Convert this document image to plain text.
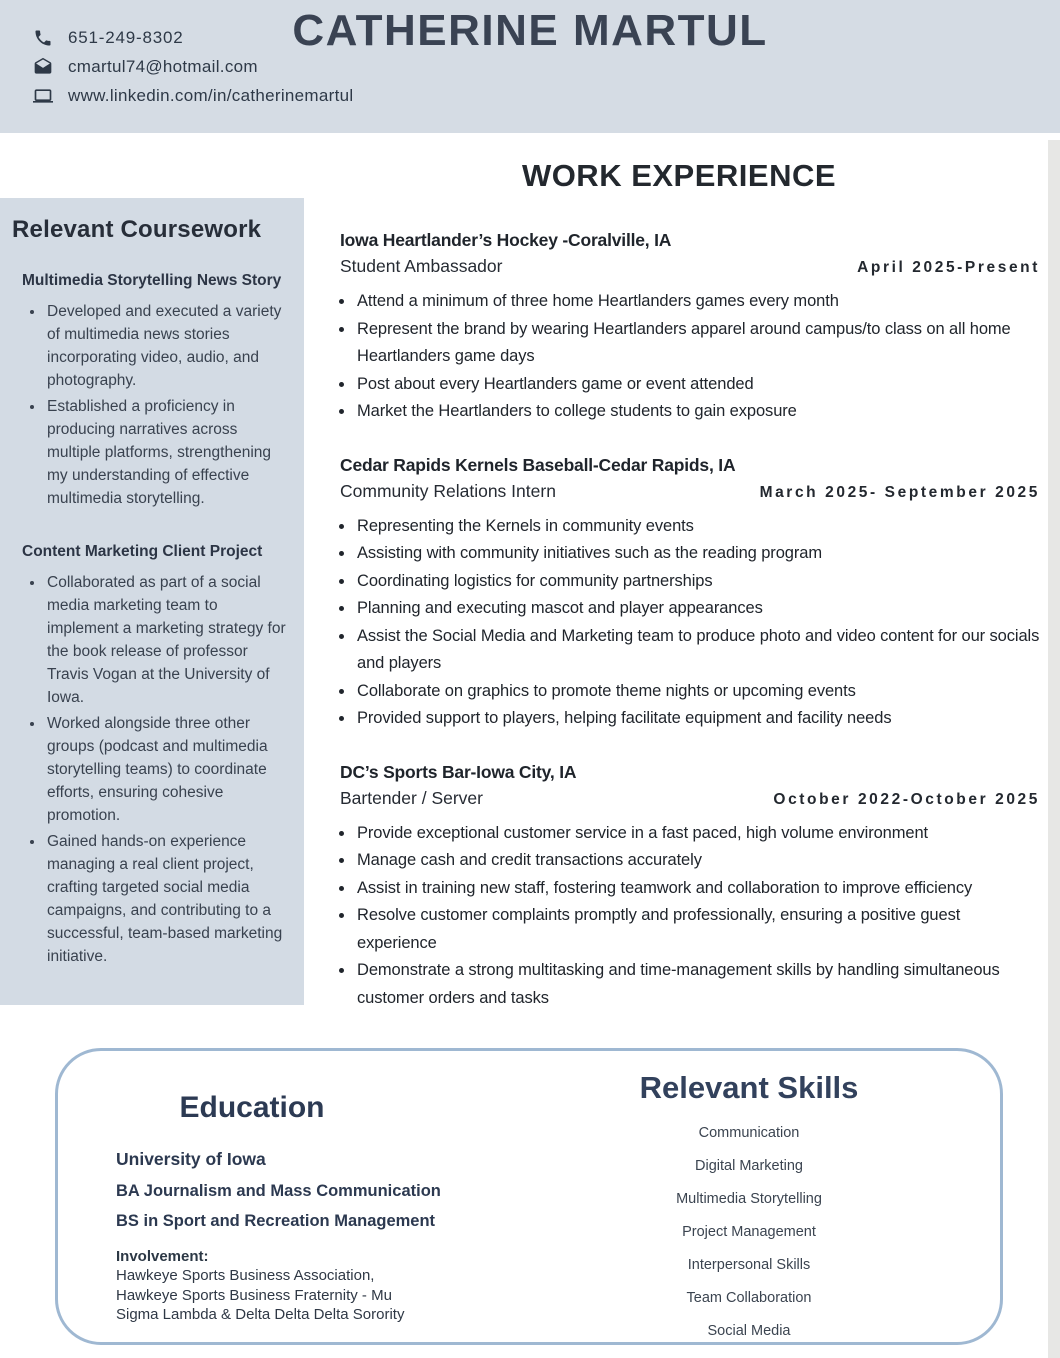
651-249-8302
cmartul74@hotmail.com
www.linkedin.com/in/catherinemartul
CATHERINE MARTUL
Relevant Coursework
Multimedia Storytelling News Story
• Developed and executed a variety of multimedia news stories incorporating video, audio, and photography.
• Established a proficiency in producing narratives across multiple platforms, strengthening my understanding of effective multimedia storytelling.
Content Marketing Client Project
• Collaborated as part of a social media marketing team to implement a marketing strategy for the book release of professor Travis Vogan at the University of Iowa.
• Worked alongside three other groups (podcast and multimedia storytelling teams) to coordinate efforts, ensuring cohesive promotion.
• Gained hands-on experience managing a real client project, crafting targeted social media campaigns, and contributing to a successful, team-based marketing initiative.
WORK EXPERIENCE
Iowa Heartlander’s Hockey -Coralville, IA
Student Ambassador	April 2025-Present
• Attend a minimum of three home Heartlanders games every month
• Represent the brand by wearing Heartlanders apparel around campus/to class on all home Heartlanders game days
• Post about every Heartlanders game or event attended
• Market the Heartlanders to college students to gain exposure
Cedar Rapids Kernels Baseball-Cedar Rapids, IA
Community Relations Intern	March 2025- September 2025
• Representing the Kernels in community events
• Assisting with community initiatives such as the reading program
• Coordinating logistics for community partnerships
• Planning and executing mascot and player appearances
• Assist the Social Media and Marketing team to produce photo and video content for our socials and players
• Collaborate on graphics to promote theme nights or upcoming events
• Provided support to players, helping facilitate equipment and facility needs
DC’s Sports Bar-Iowa City, IA
Bartender / Server	October 2022-October 2025
• Provide exceptional customer service in a fast paced, high volume environment
• Manage cash and credit transactions accurately
• Assist in training new staff, fostering teamwork and collaboration to improve efficiency
• Resolve customer complaints promptly and professionally, ensuring a positive guest experience
• Demonstrate a strong multitasking and time-management skills by handling simultaneous customer orders and tasks
Education

University of Iowa

BA Journalism and Mass Communication

BS in Sport and Recreation Management

Involvement:

Hawkeye Sports Business Association,

Hawkeye Sports Business Fraternity - Mu

Sigma Lambda & Delta Delta Delta Sorority

Relevant Skills

Communication

Digital Marketing

Multimedia Storytelling

Project Management

Interpersonal Skills

Team Collaboration

Social Media
